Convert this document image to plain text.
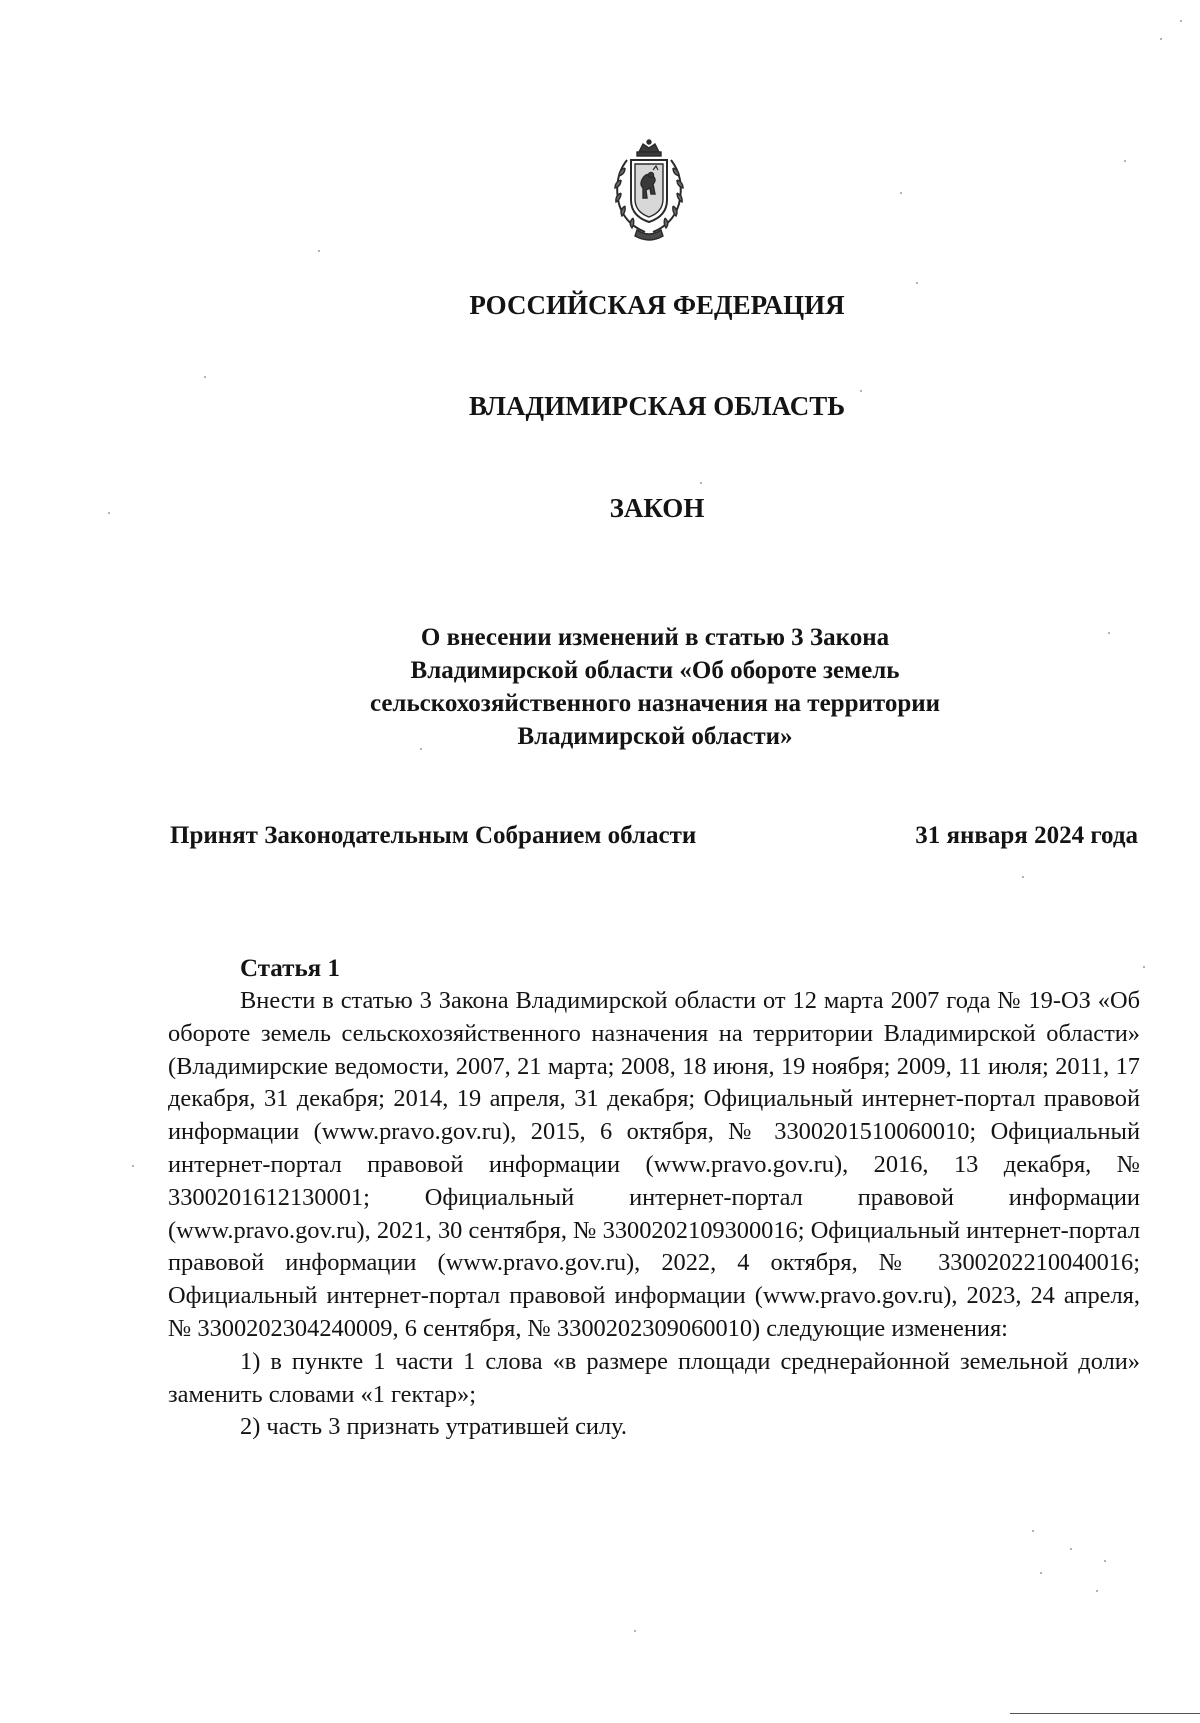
РОССИЙСКАЯ ФЕДЕРАЦИЯ
ВЛАДИМИРСКАЯ ОБЛАСТЬ
ЗАКОН
О внесении изменений в статью 3 Закона
Владимирской области «Об обороте земель
сельскохозяйственного назначения на территории
Владимирской области»
Принят Законодательным Собранием области	31 января 2024 года
Статья 1

Внести в статью 3 Закона Владимирской области от 12 марта 2007 года № 19-ОЗ «Об обороте земель сельскохозяйственного назначения на территории Владимирской области» (Владимирские ведомости, 2007, 21 марта; 2008, 18 июня, 19 ноября; 2009, 11 июля; 2011, 17 декабря, 31 декабря; 2014, 19 апреля, 31 декабря; Официальный интернет-портал правовой информации (www.pravo.gov.ru), 2015, 6 октября, № 3300201510060010; Официальный интернет-портал правовой информации (www.pravo.gov.ru), 2016, 13 декабря, № 3300201612130001; Официальный интернет-портал правовой информации (www.pravo.gov.ru), 2021, 30 сентября, № 3300202109300016; Официальный интернет-портал правовой информации (www.pravo.gov.ru), 2022, 4 октября, № 3300202210040016; Официальный интернет-портал правовой информации (www.pravo.gov.ru), 2023, 24 апреля, № 3300202304240009, 6 сентября, № 3300202309060010) следующие изменения:

1) в пункте 1 части 1 слова «в размере площади среднерайонной земельной доли» заменить словами «1 гектар»;

2) часть 3 признать утратившей силу.
